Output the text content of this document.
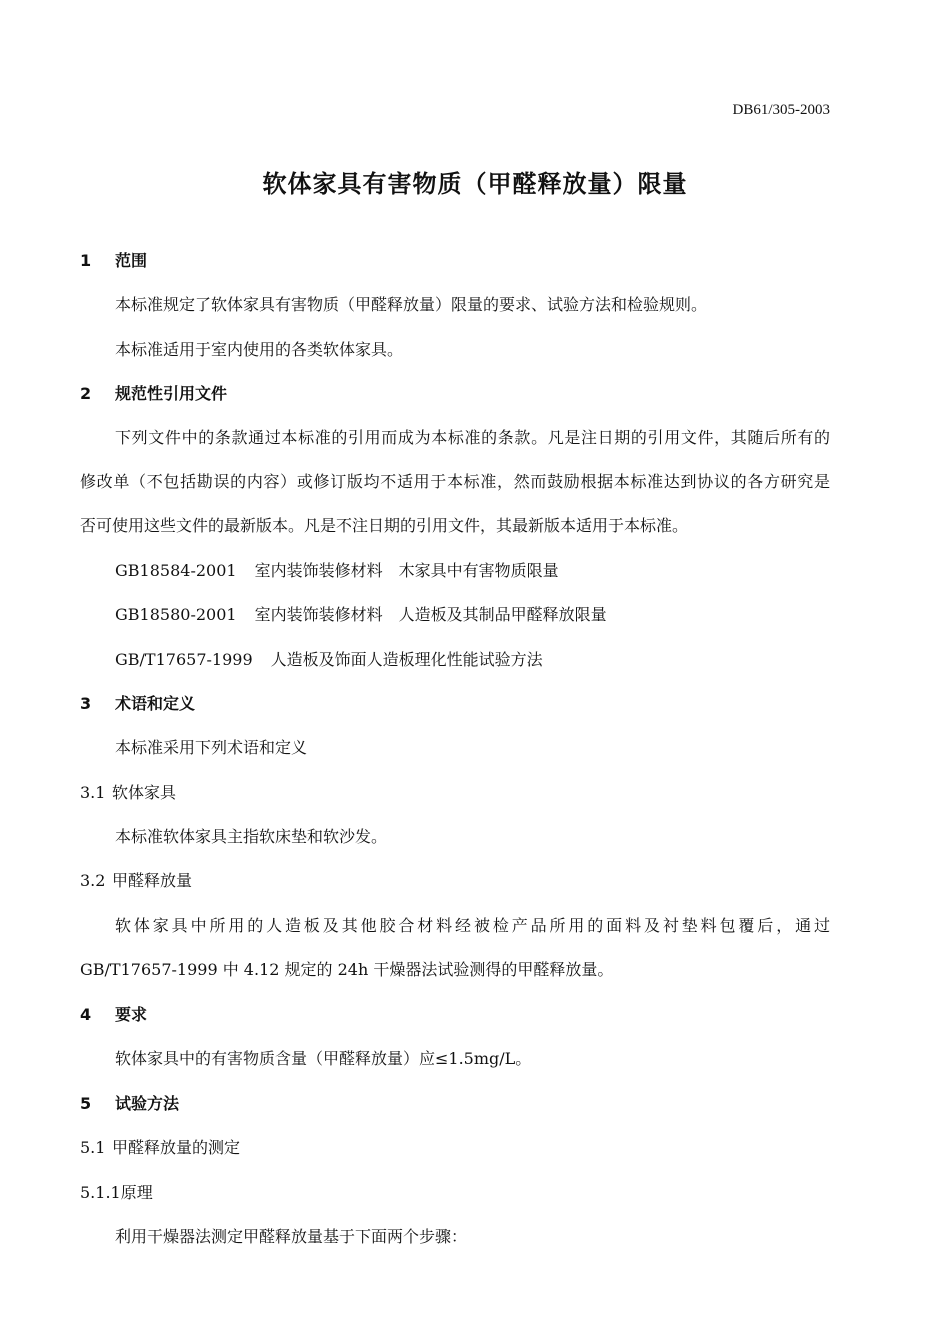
DB61/305-2003
软体家具有害物质（甲醛释放量）限量
1 范围
本标准规定了软体家具有害物质（甲醛释放量）限量的要求、试验方法和检验规则。
本标准适用于室内使用的各类软体家具。
2 规范性引用文件
下列文件中的条款通过本标准的引用而成为本标准的条款。凡是注日期的引用文件，其随后所有的
修改单（不包括勘误的内容）或修订版均不适用于本标准，然而鼓励根据本标准达到协议的各方研究是
否可使用这些文件的最新版本。凡是不注日期的引用文件，其最新版本适用于本标准。
GB18584-2001 室内装饰装修材料　木家具中有害物质限量
GB18580-2001 室内装饰装修材料　人造板及其制品甲醛释放限量
GB/T17657-1999 人造板及饰面人造板理化性能试验方法
3 术语和定义
本标准采用下列术语和定义
3.1 软体家具
本标准软体家具主指软床垫和软沙发。
3.2 甲醛释放量
软体家具中所用的人造板及其他胶合材料经被检产品所用的面料及衬垫料包覆后，通过
GB/T17657-1999 中 4.12 规定的 24h 干燥器法试验测得的甲醛释放量。
4 要求
软体家具中的有害物质含量（甲醛释放量）应≤1.5mg/L。
5 试验方法
5.1 甲醛释放量的测定
5.1.1原理
利用干燥器法测定甲醛释放量基于下面两个步骤：
